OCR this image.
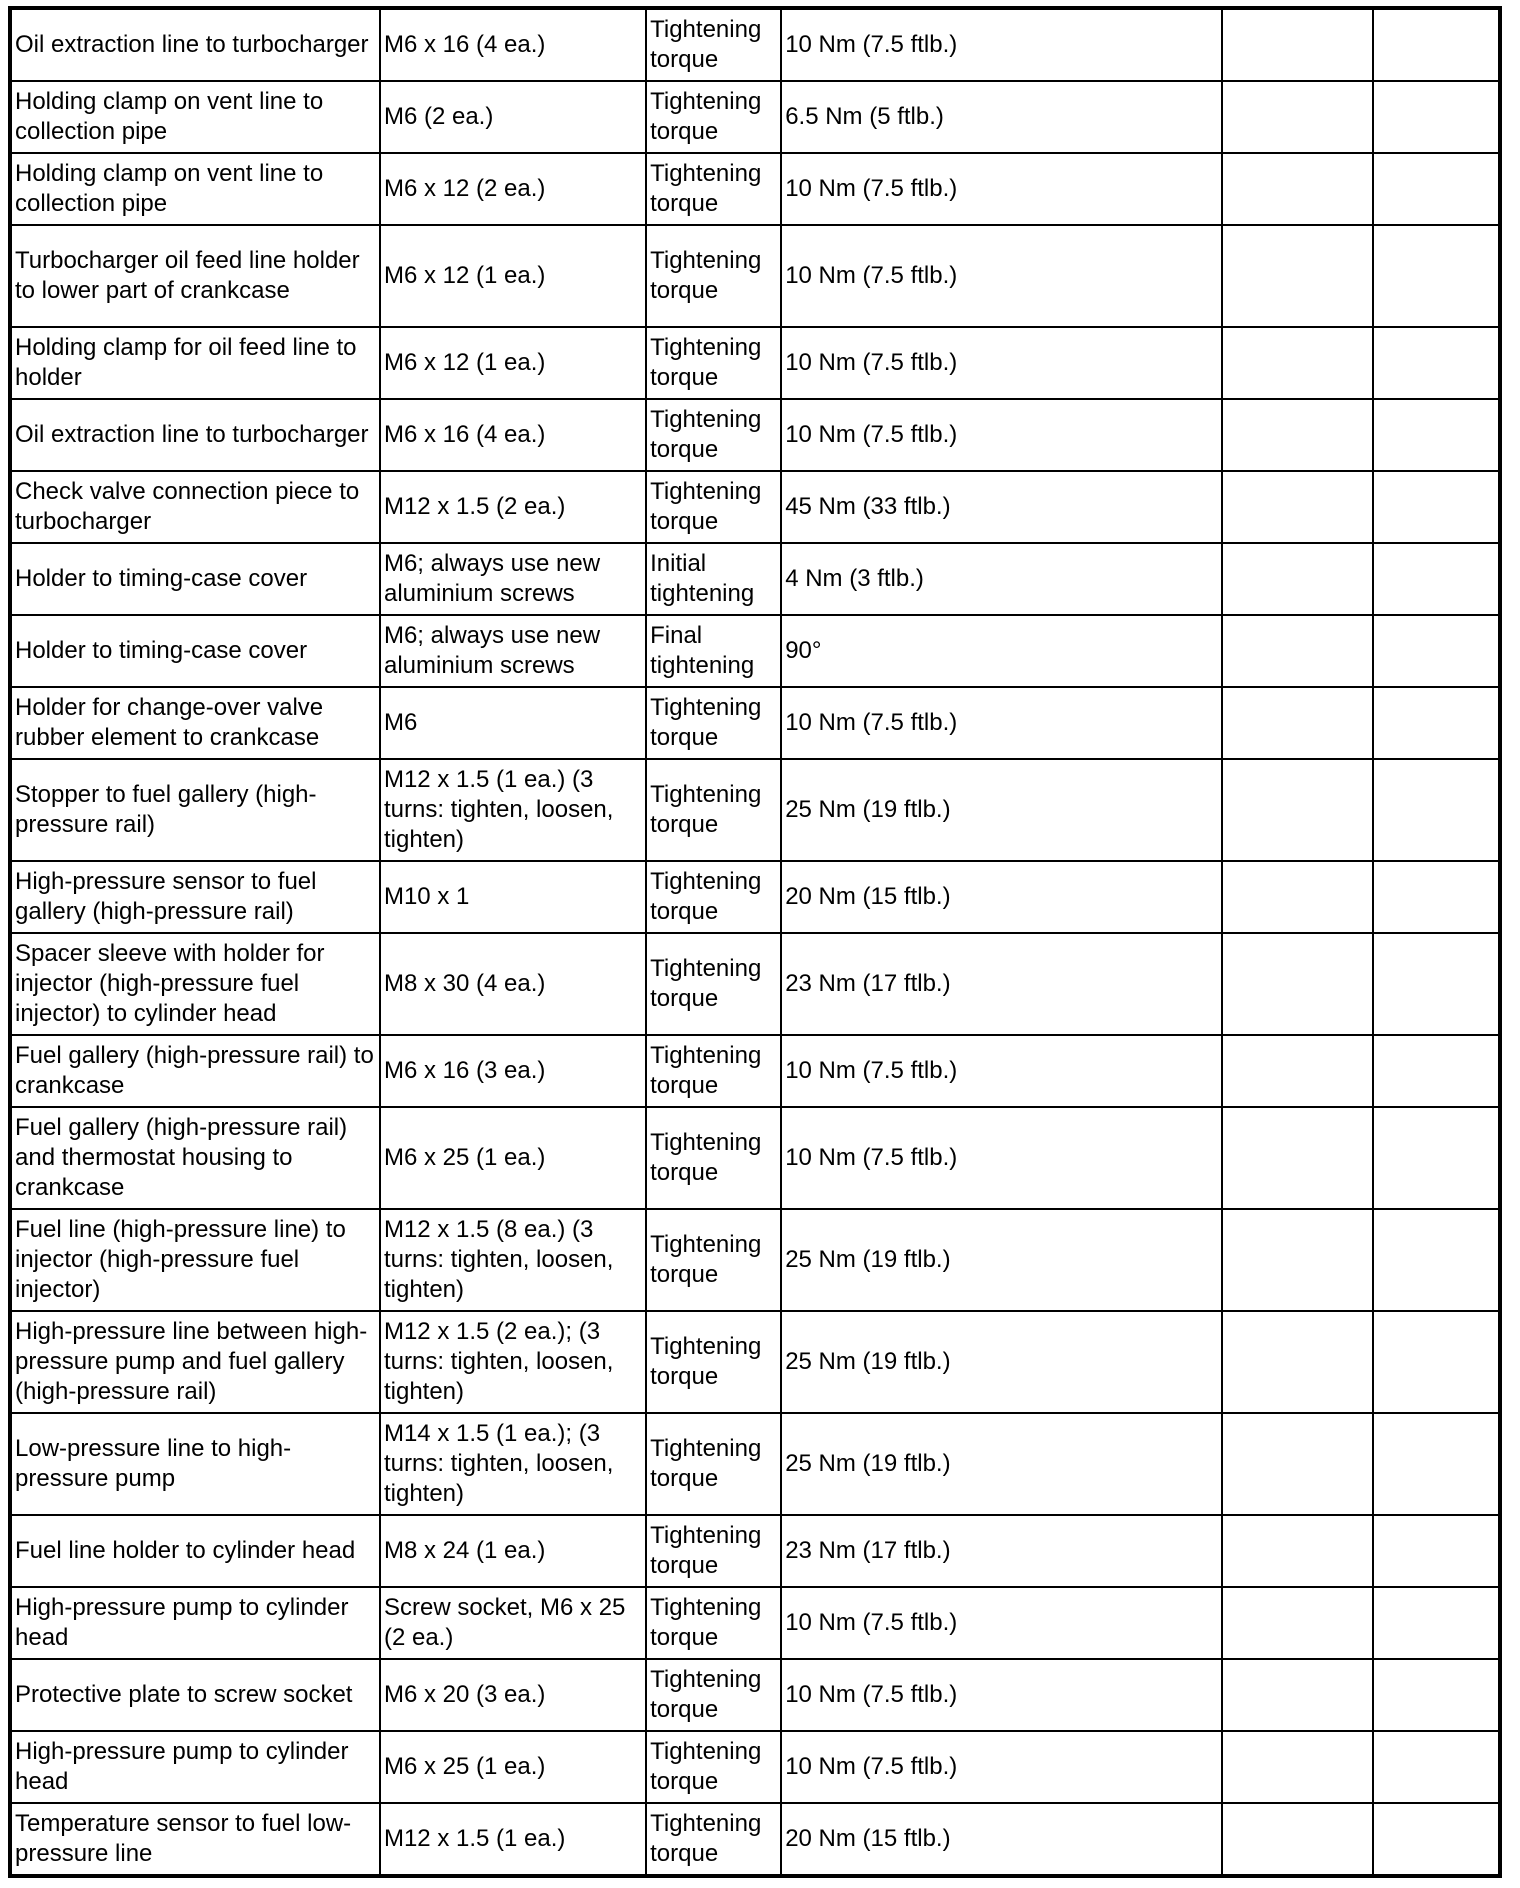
Oil extraction line to turbocharger	M6 x 16 (4 ea.)	Tightening torque	10 Nm (7.5 ftlb.)		
Holding clamp on vent line to collection pipe	M6 (2 ea.)	Tightening torque	6.5 Nm (5 ftlb.)		
Holding clamp on vent line to collection pipe	M6 x 12 (2 ea.)	Tightening torque	10 Nm (7.5 ftlb.)		
Turbocharger oil feed line holder to lower part of crankcase	M6 x 12 (1 ea.)	Tightening torque	10 Nm (7.5 ftlb.)		
Holding clamp for oil feed line to holder	M6 x 12 (1 ea.)	Tightening torque	10 Nm (7.5 ftlb.)		
Oil extraction line to turbocharger	M6 x 16 (4 ea.)	Tightening torque	10 Nm (7.5 ftlb.)		
Check valve connection piece to turbocharger	M12 x 1.5 (2 ea.)	Tightening torque	45 Nm (33 ftlb.)		
Holder to timing-case cover	M6; always use new aluminium screws	Initial tightening	4 Nm (3 ftlb.)		
Holder to timing-case cover	M6; always use new aluminium screws	Final tightening	90°		
Holder for change-over valve rubber element to crankcase	M6	Tightening torque	10 Nm (7.5 ftlb.)		
Stopper to fuel gallery (high-pressure rail)	M12 x 1.5 (1 ea.) (3 turns: tighten, loosen, tighten)	Tightening torque	25 Nm (19 ftlb.)		
High-pressure sensor to fuel gallery (high-pressure rail)	M10 x 1	Tightening torque	20 Nm (15 ftlb.)		
Spacer sleeve with holder for injector (high-pressure fuel injector) to cylinder head	M8 x 30 (4 ea.)	Tightening torque	23 Nm (17 ftlb.)		
Fuel gallery (high-pressure rail) to crankcase	M6 x 16 (3 ea.)	Tightening torque	10 Nm (7.5 ftlb.)		
Fuel gallery (high-pressure rail) and thermostat housing to crankcase	M6 x 25 (1 ea.)	Tightening torque	10 Nm (7.5 ftlb.)		
Fuel line (high-pressure line) to injector (high-pressure fuel injector)	M12 x 1.5 (8 ea.) (3 turns: tighten, loosen, tighten)	Tightening torque	25 Nm (19 ftlb.)		
High-pressure line between high-pressure pump and fuel gallery (high-pressure rail)	M12 x 1.5 (2 ea.); (3 turns: tighten, loosen, tighten)	Tightening torque	25 Nm (19 ftlb.)		
Low-pressure line to high-pressure pump	M14 x 1.5 (1 ea.); (3 turns: tighten, loosen, tighten)	Tightening torque	25 Nm (19 ftlb.)		
Fuel line holder to cylinder head	M8 x 24 (1 ea.)	Tightening torque	23 Nm (17 ftlb.)		
High-pressure pump to cylinder head	Screw socket, M6 x 25 (2 ea.)	Tightening torque	10 Nm (7.5 ftlb.)		
Protective plate to screw socket	M6 x 20 (3 ea.)	Tightening torque	10 Nm (7.5 ftlb.)		
High-pressure pump to cylinder head	M6 x 25 (1 ea.)	Tightening torque	10 Nm (7.5 ftlb.)		
Temperature sensor to fuel low-pressure line	M12 x 1.5 (1 ea.)	Tightening torque	20 Nm (15 ftlb.)		
